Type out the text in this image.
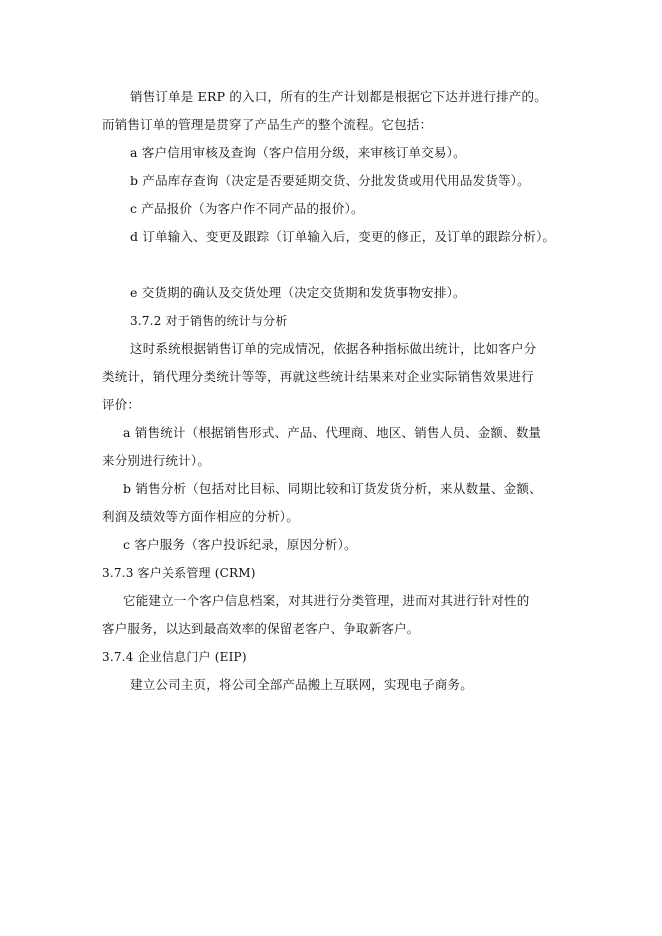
销售订单是 ERP 的入口，所有的生产计划都是根据它下达并进行排产的。
而销售订单的管理是贯穿了产品生产的整个流程。它包括：
a 客户信用审核及查询（客户信用分级，来审核订单交易）。
b 产品库存查询（决定是否要延期交货、分批发货或用代用品发货等）。
c 产品报价（为客户作不同产品的报价）。
d 订单输入、变更及跟踪（订单输入后，变更的修正，及订单的跟踪分析）。
e 交货期的确认及交货处理（决定交货期和发货事物安排）。
3.7.2 对于销售的统计与分析
这时系统根据销售订单的完成情况，依据各种指标做出统计，比如客户分
类统计，销代理分类统计等等，再就这些统计结果来对企业实际销售效果进行
评价：
a 销售统计（根据销售形式、产品、代理商、地区、销售人员、金额、数量
来分别进行统计）。
b 销售分析（包括对比目标、同期比较和订货发货分析，来从数量、金额、
利润及绩效等方面作相应的分析）。
c 客户服务（客户投诉纪录，原因分析）。
3.7.3 客户关系管理 (CRM)
它能建立一个客户信息档案，对其进行分类管理，进而对其进行针对性的
客户服务，以达到最高效率的保留老客户、争取新客户。
3.7.4 企业信息门户 (EIP)
建立公司主页，将公司全部产品搬上互联网，实现电子商务。
